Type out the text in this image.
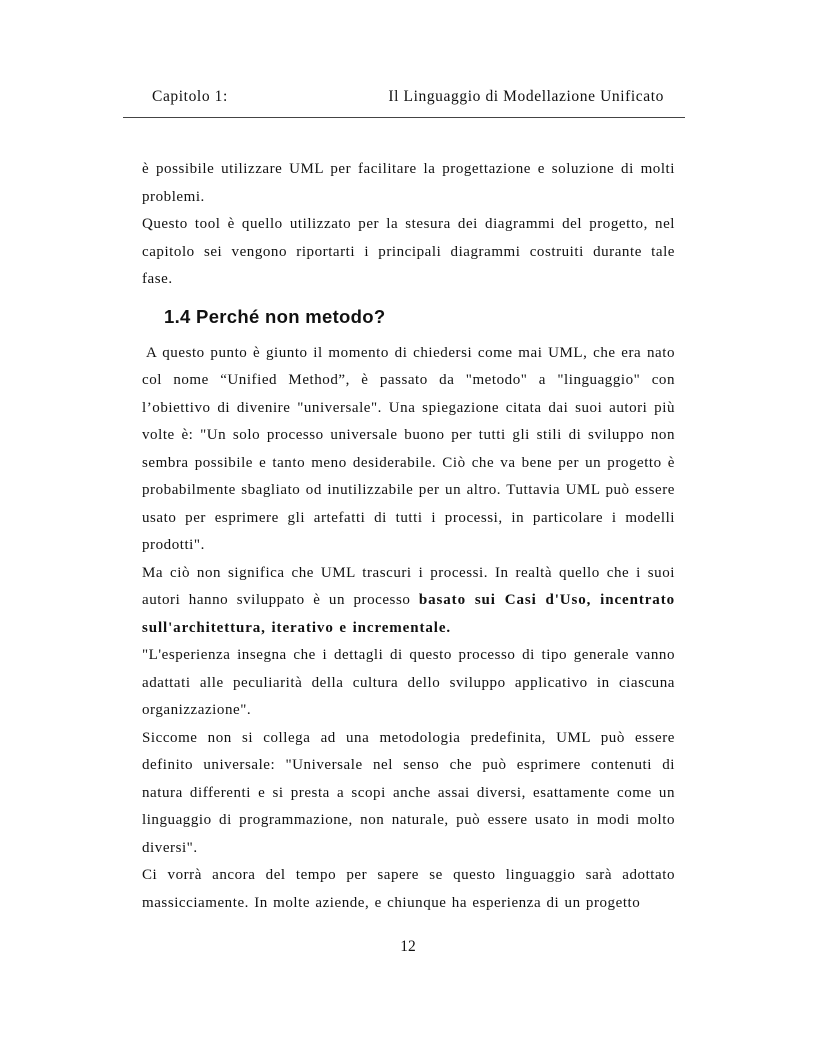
Capitolo 1:	Il Linguaggio di Modellazione Unificato

è possibile utilizzare UML per facilitare la progettazione e soluzione di molti problemi.

Questo tool è quello utilizzato per la stesura dei diagrammi del progetto, nel capitolo sei vengono riportarti i principali diagrammi costruiti durante tale fase.

1.4 Perché non metodo?

A questo punto è giunto il momento di chiedersi come mai UML, che era nato col nome “Unified Method”, è passato da "metodo" a "linguaggio" con l’obiettivo di divenire "universale". Una spiegazione citata dai suoi autori più volte è: "Un solo processo universale buono per tutti gli stili di sviluppo non sembra possibile e tanto meno desiderabile. Ciò che va bene per un progetto è probabilmente sbagliato od inutilizzabile per un altro. Tuttavia UML può essere usato per esprimere gli artefatti di tutti i processi, in particolare i modelli prodotti".

Ma ciò non significa che UML trascuri i processi. In realtà quello che i suoi autori hanno sviluppato è un processo basato sui Casi d'Uso, incentrato sull'architettura, iterativo e incrementale.

"L'esperienza insegna che i dettagli di questo processo di tipo generale vanno adattati alle peculiarità della cultura dello sviluppo applicativo in ciascuna organizzazione".

Siccome non si collega ad una metodologia predefinita, UML può essere definito universale: "Universale nel senso che può esprimere contenuti di natura differenti e si presta a scopi anche assai diversi, esattamente come un linguaggio di programmazione, non naturale, può essere usato in modi molto diversi".

Ci vorrà ancora del tempo per sapere se questo linguaggio sarà adottato massicciamente. In molte aziende, e chiunque ha esperienza di un progetto

12
